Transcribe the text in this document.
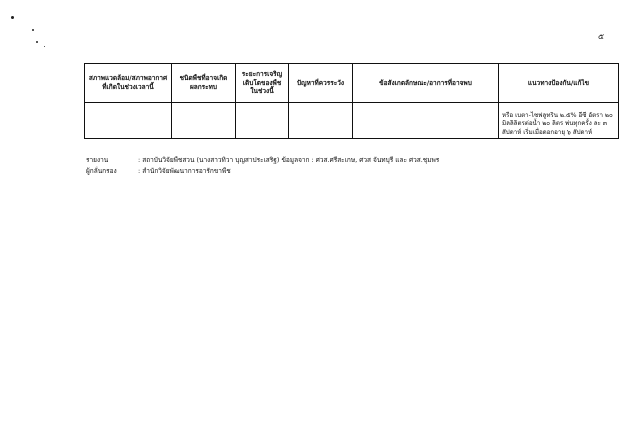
๕
สภาพแวดล้อม/สภาพอากาศที่เกิดในช่วงเวลานี้	ชนิดพืชที่อาจเกิดผลกระทบ	ระยะการเจริญเติบโตของพืชในช่วงนี้	ปัญหาที่ควรระวัง	ข้อสังเกตลักษณะ/อาการที่อาจพบ	แนวทางป้องกัน/แก้ไข
					หรือ เบตา-ไซฟลูทริน ๒.๕% อีซี อัตรา ๒๐ มิลลิลิตรต่อน้ำ ๒๐ ลิตร พ่นทุกครั้ง ละ ๓ สัปดาห์ เริ่มเมื่อดอกอายุ ๖ สัปดาห์
รายงาน	: สถาบันวิจัยพืชสวน (นางสาวทิวา บุญสาประเสริฐ) ข้อมูลจาก : ศวส.ศรีสะเกษ, ศวส จันทบุรี และ ศวส.ชุมพร
ผู้กลั่นกรอง	: สำนักวิจัยพัฒนาการอารักขาพืช
